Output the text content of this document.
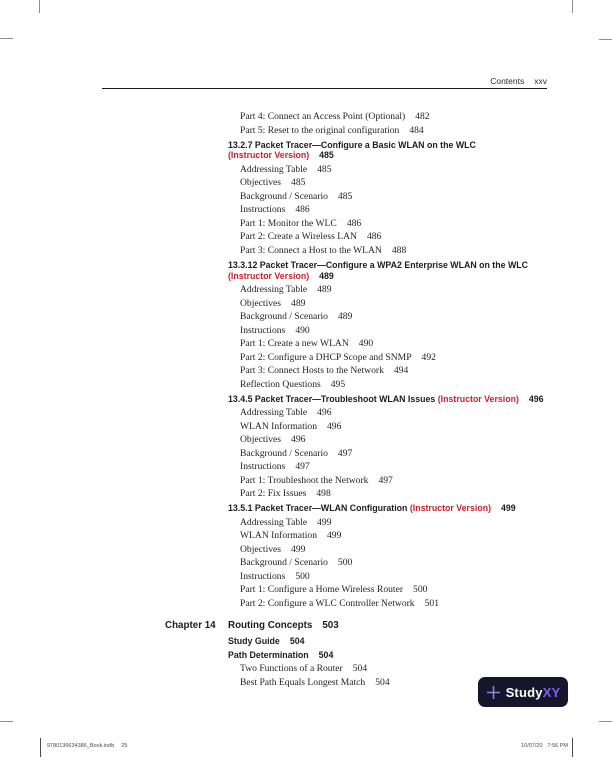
Contents xxv
Part 4: Connect an Access Point (Optional) 482
Part 5: Reset to the original configuration 484
13.2.7 Packet Tracer—Configure a Basic WLAN on the WLC
(Instructor Version) 485
Addressing Table 485
Objectives 485
Background / Scenario 485
Instructions 486
Part 1: Monitor the WLC 486
Part 2: Create a Wireless LAN 486
Part 3: Connect a Host to the WLAN 488
13.3.12 Packet Tracer—Configure a WPA2 Enterprise WLAN on the WLC
(Instructor Version) 489
Addressing Table 489
Objectives 489
Background / Scenario 489
Instructions 490
Part 1: Create a new WLAN 490
Part 2: Configure a DHCP Scope and SNMP 492
Part 3: Connect Hosts to the Network 494
Reflection Questions 495
13.4.5 Packet Tracer—Troubleshoot WLAN Issues (Instructor Version) 496
Addressing Table 496
WLAN Information 496
Objectives 496
Background / Scenario 497
Instructions 497
Part 1: Troubleshoot the Network 497
Part 2: Fix Issues 498
13.5.1 Packet Tracer—WLAN Configuration (Instructor Version) 499
Addressing Table 499
WLAN Information 499
Objectives 499
Background / Scenario 500
Instructions 500
Part 1: Configure a Home Wireless Router 500
Part 2: Configure a WLC Controller Network 501
Chapter 14 Routing Concepts 503
Study Guide 504
Path Determination 504
Two Functions of a Router 504
Best Path Equals Longest Match 504
Study XY
9780136634386_Book.indb 25	10/07/20 7:56 PM
